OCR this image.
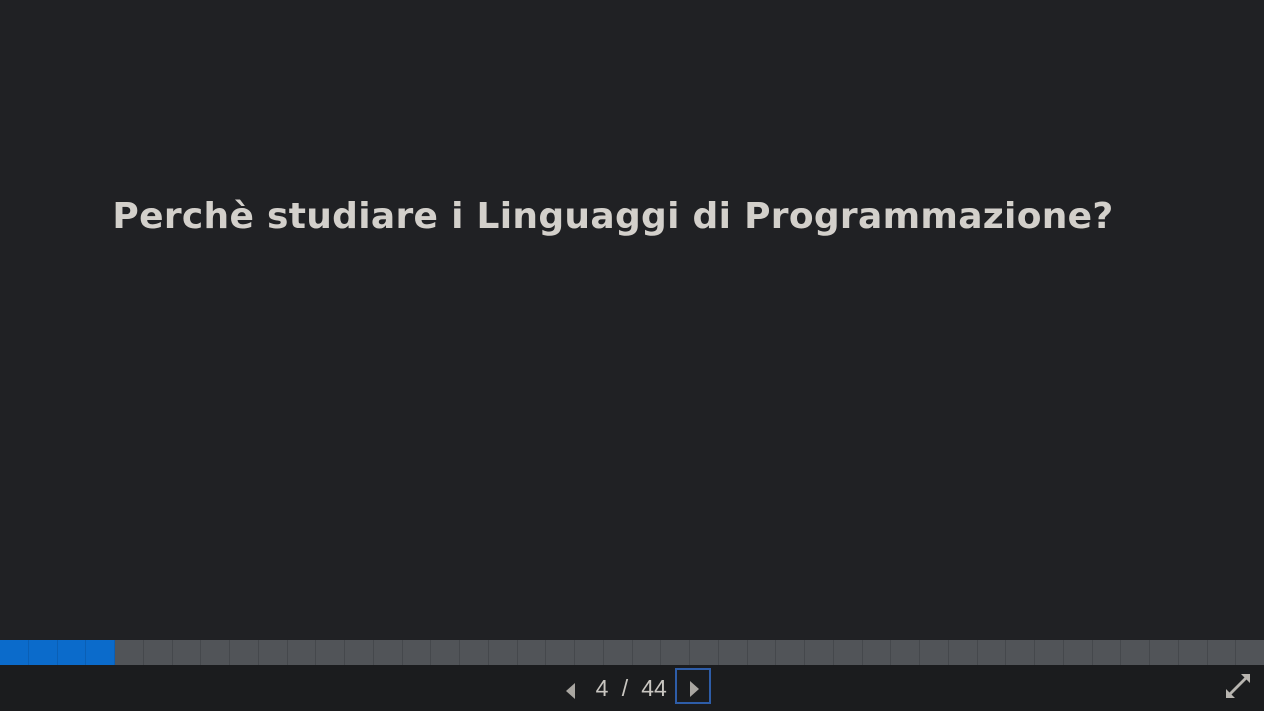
Perchè studiare i Linguaggi di Programmazione?
4 / 44
